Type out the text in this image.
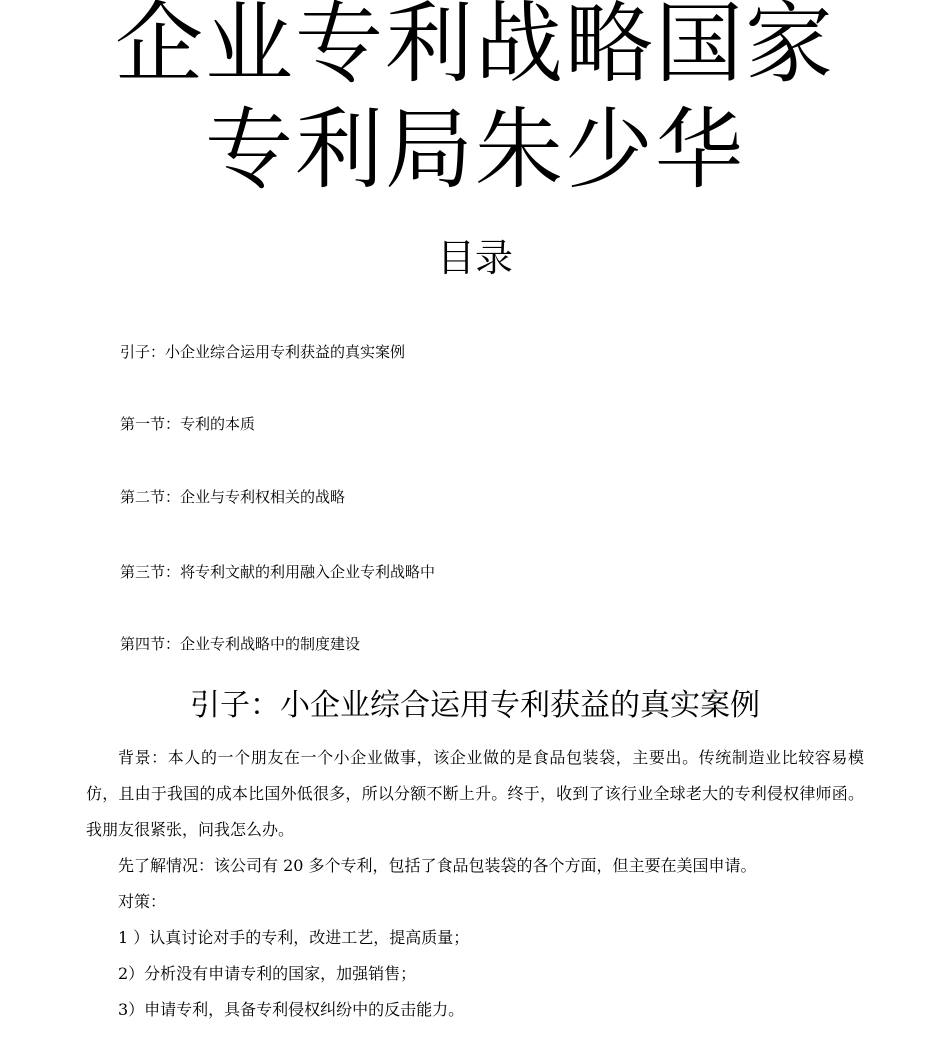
企业专利战略国家
专利局朱少华
目录
引子：小企业综合运用专利获益的真实案例
第一节：专利的本质
第二节：企业与专利权相关的战略
第三节：将专利文献的利用融入企业专利战略中
第四节：企业专利战略中的制度建设
引子：小企业综合运用专利获益的真实案例

背景：本人的一个朋友在一个小企业做事，该企业做的是食品包装袋，主要出。传统制造业比较容易模仿，且由于我国的成本比国外低很多，所以分额不断上升。终于，收到了该行业全球老大的专利侵权律师函。我朋友很紧张，问我怎么办。

先了解情况：该公司有 20 多个专利，包括了食品包装袋的各个方面，但主要在美国申请。

对策：

1 ）认真讨论对手的专利，改进工艺，提高质量；

2）分析没有申请专利的国家，加强销售；

3）申请专利，具备专利侵权纠纷中的反击能力。
